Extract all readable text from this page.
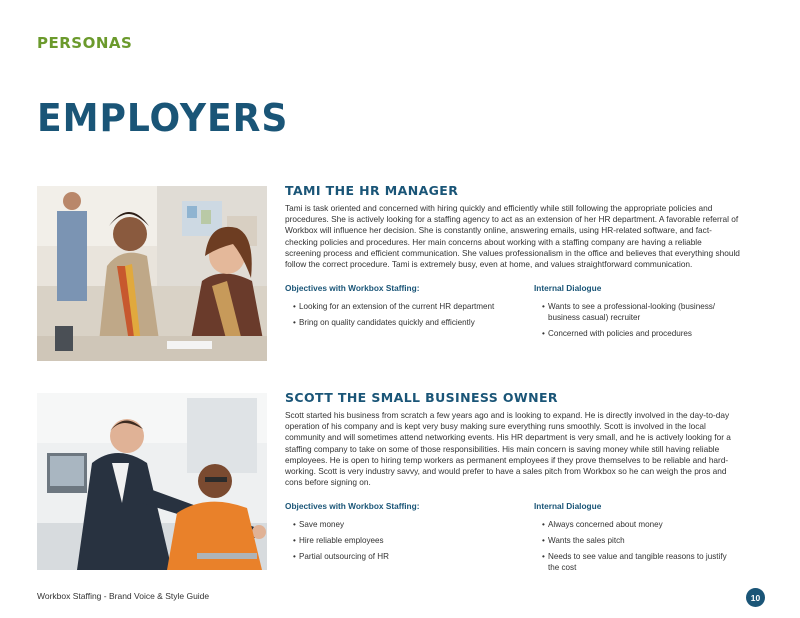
PERSONAS
EMPLOYERS
TAMI THE HR MANAGER

Tami is task oriented and concerned with hiring quickly and efficiently while still following the appropriate policies and procedures. She is actively looking for a staffing agency to act as an extension of her HR department. A favorable referral of Workbox will influence her decision. She is constantly online, answering emails, using HR-related software, and fact-checking policies and procedures. Her main concerns about working with a staffing company are having a reliable screening process and efficient communication. She values professionalism in the office and believes that everything should follow the correct procedure. Tami is extremely busy, even at home, and values straightforward communication.

Objectives with Workbox Staffing:
• Looking for an extension of the current HR department
• Bring on quality candidates quickly and efficiently
Internal Dialogue
• Wants to see a professional-looking (business/ business casual) recruiter
• Concerned with policies and procedures
SCOTT THE SMALL BUSINESS OWNER

Scott started his business from scratch a few years ago and is looking to expand. He is directly involved in the day-to-day operation of his company and is kept very busy making sure everything runs smoothly. Scott is involved in the local community and will sometimes attend networking events. His HR department is very small, and he is actively looking for a staffing company to take on some of those responsibilities. His main concern is saving money while still having reliable employees. He is open to hiring temp workers as permanent employees if they prove themselves to be reliable and hard-working. Scott is very industry savvy, and would prefer to have a sales pitch from Workbox so he can weigh the pros and cons before signing on.

Objectives with Workbox Staffing:
• Save money
• Hire reliable employees
• Partial outsourcing of HR
Internal Dialogue
• Always concerned about money
• Wants the sales pitch
• Needs to see value and tangible reasons to justify the cost
Workbox Staffing - Brand Voice & Style Guide	10
